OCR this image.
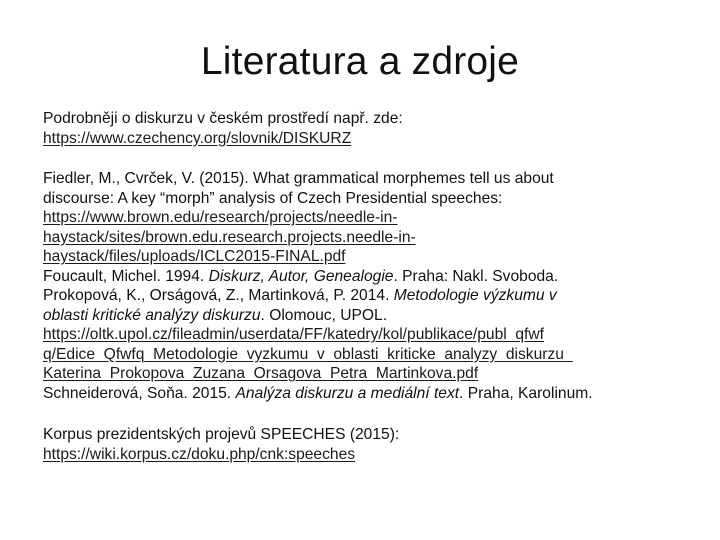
Literatura a zdroje
Podrobněji o diskurzu v českém prostředí např. zde:
https://www.czechency.org/slovnik/DISKURZ
Fiedler, M., Cvrček, V. (2015). What grammatical morphemes tell us about
discourse: A key “morph” analysis of Czech Presidential speeches:
https://www.brown.edu/research/projects/needle-in-
haystack/sites/brown.edu.research.projects.needle-in-
haystack/files/uploads/ICLC2015-FINAL.pdf
Foucault, Michel. 1994. Diskurz, Autor, Genealogie. Praha: Nakl. Svoboda.
Prokopová, K., Orságová, Z., Martinková, P. 2014. Metodologie výzkumu v
oblasti kritické analýzy diskurzu. Olomouc, UPOL.
https://oltk.upol.cz/fileadmin/userdata/FF/katedry/kol/publikace/publ_qfwf
q/Edice_Qfwfq_Metodologie_vyzkumu_v_oblasti_kriticke_analyzy_diskurzu_
Katerina_Prokopova_Zuzana_Orsagova_Petra_Martinkova.pdf
Schneiderová, Soňa. 2015. Analýza diskurzu a mediální text. Praha, Karolinum.
Korpus prezidentských projevů SPEECHES (2015):
https://wiki.korpus.cz/doku.php/cnk:speeches
